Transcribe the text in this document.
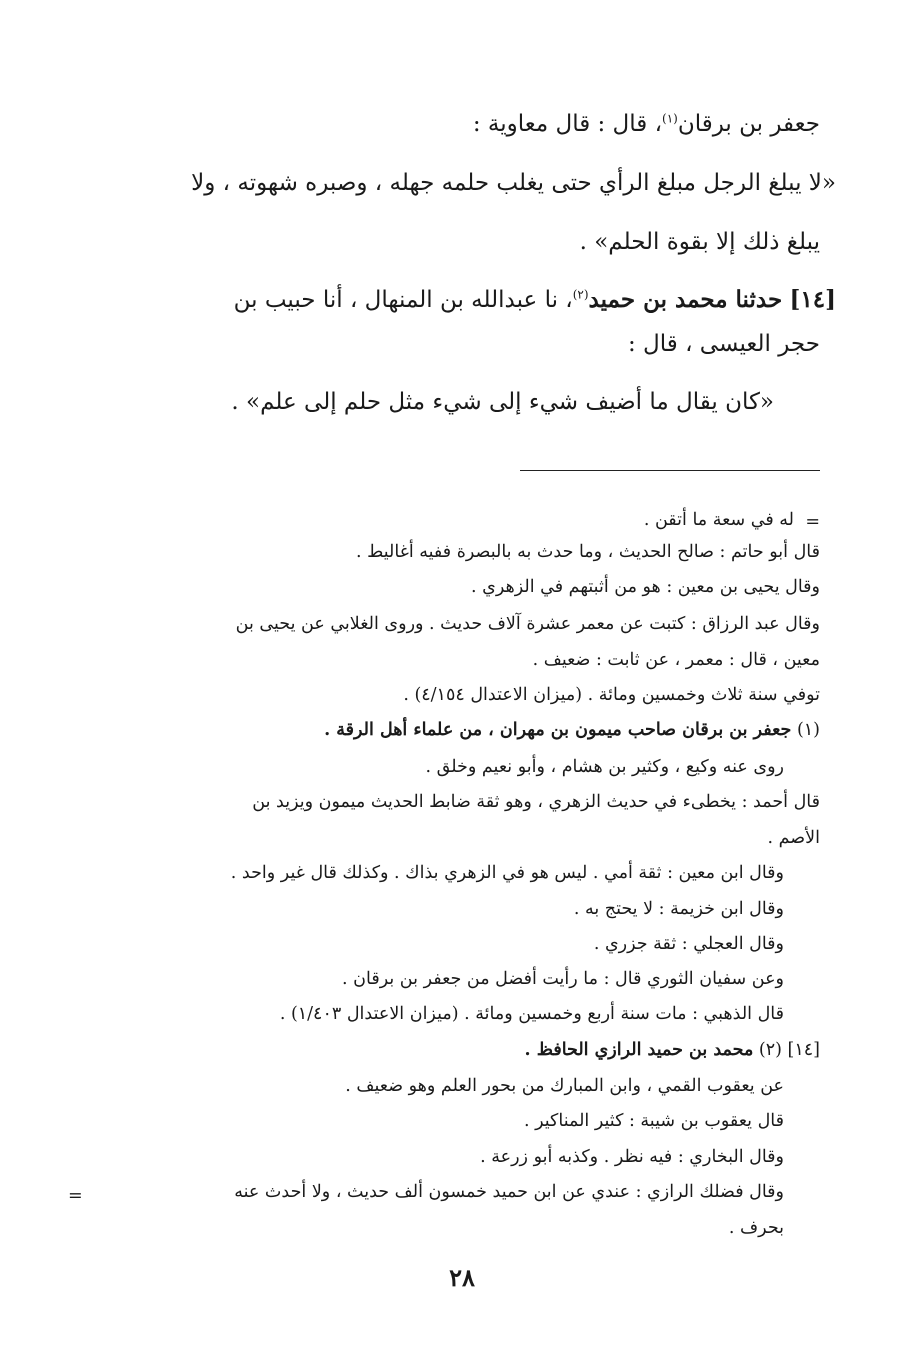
جعفر بن برقان$^{(١)}$، قال : قال معاوية :
«لا يبلغ الرجل مبلغ الرأي حتى يغلب حلمه جهله ، وصبره شهوته ، ولا
يبلغ ذلك إلا بقوة الحلم» .
[١٤] حدثنا محمد بن حميد$^{(٢)}$، نا عبدالله بن المنهال ، أنا حبيب بن
حجر العيسى ، قال :
«كان يقال ما أضيف شيء إلى شيء مثل حلم إلى علم» .
=
له في سعة ما أتقن .
قال أبو حاتم : صالح الحديث ، وما حدث به بالبصرة ففيه أغاليط .
وقال يحيى بن معين : هو من أثبتهم في الزهري .
وقال عبد الرزاق : كتبت عن معمر عشرة آلاف حديث . وروى الغلابي عن يحيى بن
معين ، قال : معمر ، عن ثابت : ضعيف .
توفي سنة ثلاث وخمسين ومائة . (ميزان الاعتدال ٤/١٥٤) .
(١) جعفر بن برقان صاحب ميمون بن مهران ، من علماء أهل الرقة .
روى عنه وكيع ، وكثير بن هشام ، وأبو نعيم وخلق .
قال أحمد : يخطىء في حديث الزهري ، وهو ثقة ضابط الحديث ميمون ويزيد بن
الأصم .
وقال ابن معين : ثقة أمي . ليس هو في الزهري بذاك . وكذلك قال غير واحد .
وقال ابن خزيمة : لا يحتج به .
وقال العجلي : ثقة جزري .
وعن سفيان الثوري قال : ما رأيت أفضل من جعفر بن برقان .
قال الذهبي : مات سنة أربع وخمسين ومائة . (ميزان الاعتدال ١/٤٠٣) .
[١٤] (٢) محمد بن حميد الرازي الحافظ .
عن يعقوب القمي ، وابن المبارك من بحور العلم وهو ضعيف .
قال يعقوب بن شيبة : كثير المناكير .
وقال البخاري : فيه نظر . وكذبه أبو زرعة .
وقال فضلك الرازي : عندي عن ابن حميد خمسون ألف حديث ، ولا أحدث عنه
=
بحرف .
٢٨
